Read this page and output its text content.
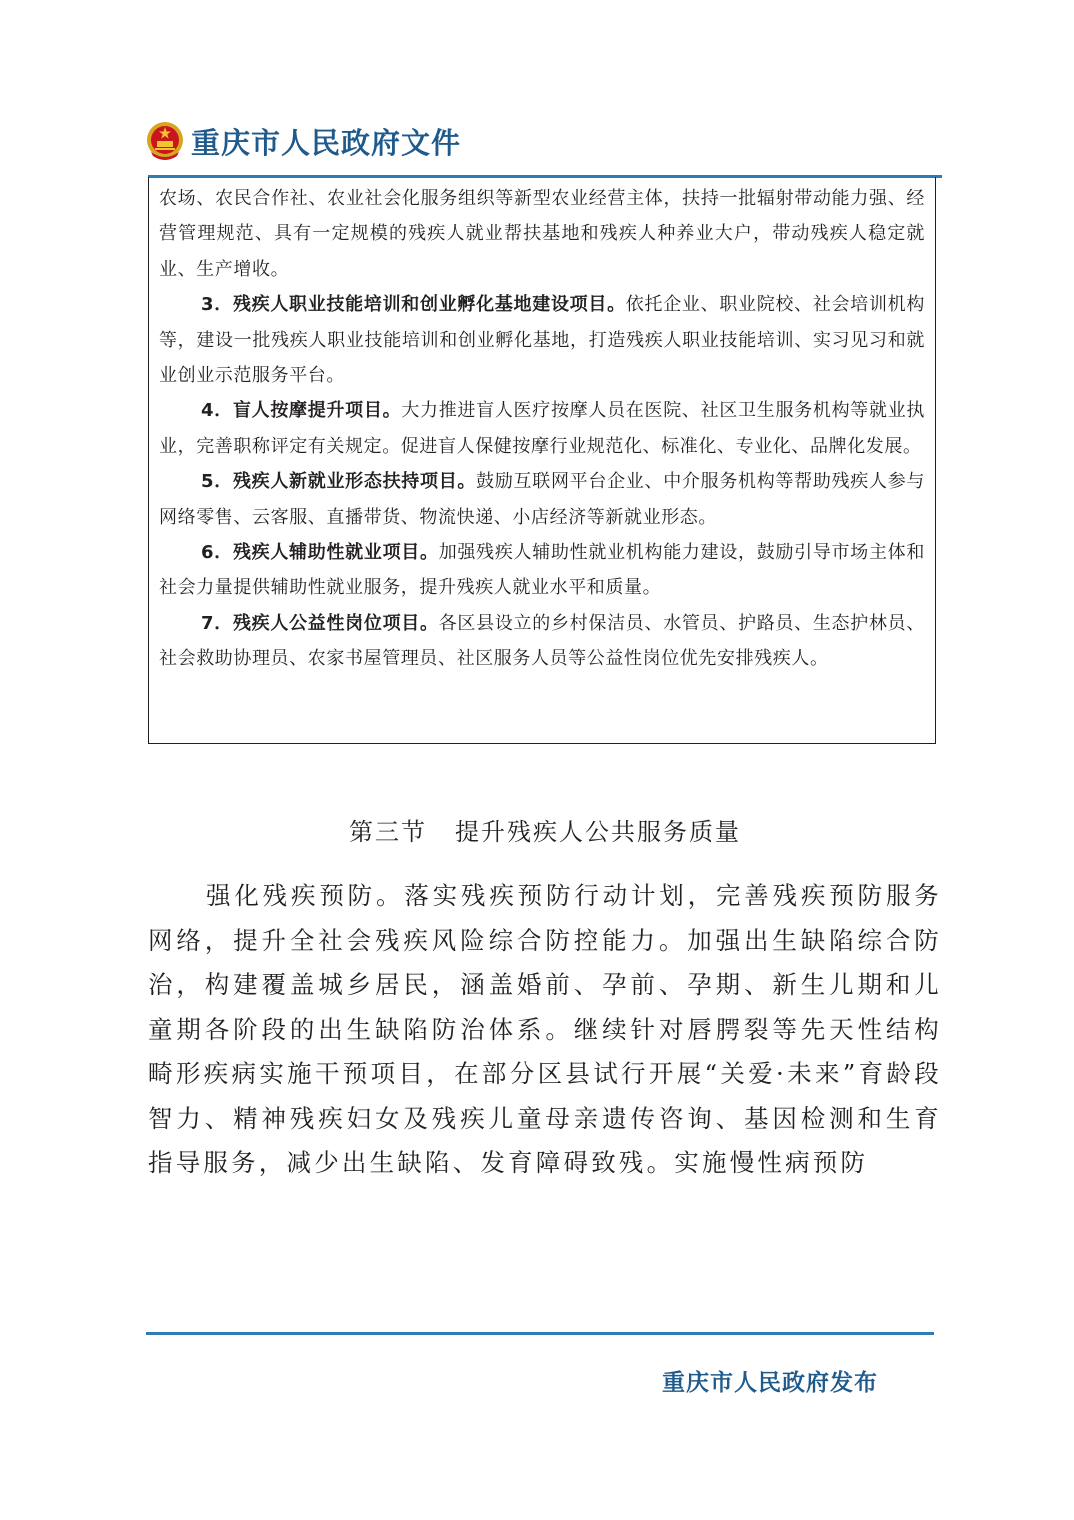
重庆市人民政府文件

农场、农民合作社、农业社会化服务组织等新型农业经营主体，扶持一批辐射带动能力强、经营管理规范、具有一定规模的残疾人就业帮扶基地和残疾人种养业大户，带动残疾人稳定就业、生产增收。

3．残疾人职业技能培训和创业孵化基地建设项目。依托企业、职业院校、社会培训机构等，建设一批残疾人职业技能培训和创业孵化基地，打造残疾人职业技能培训、实习见习和就业创业示范服务平台。

4．盲人按摩提升项目。大力推进盲人医疗按摩人员在医院、社区卫生服务机构等就业执业，完善职称评定有关规定。促进盲人保健按摩行业规范化、标准化、专业化、品牌化发展。

5．残疾人新就业形态扶持项目。鼓励互联网平台企业、中介服务机构等帮助残疾人参与网络零售、云客服、直播带货、物流快递、小店经济等新就业形态。

6．残疾人辅助性就业项目。加强残疾人辅助性就业机构能力建设，鼓励引导市场主体和社会力量提供辅助性就业服务，提升残疾人就业水平和质量。

7．残疾人公益性岗位项目。各区县设立的乡村保洁员、水管员、护路员、生态护林员、社会救助协理员、农家书屋管理员、社区服务人员等公益性岗位优先安排残疾人。

第三节 提升残疾人公共服务质量

强化残疾预防。落实残疾预防行动计划，完善残疾预防服务网络，提升全社会残疾风险综合防控能力。加强出生缺陷综合防治，构建覆盖城乡居民，涵盖婚前、孕前、孕期、新生儿期和儿童期各阶段的出生缺陷防治体系。继续针对唇腭裂等先天性结构畸形疾病实施干预项目，在部分区县试行开展“关爱·未来”育龄段智力、精神残疾妇女及残疾儿童母亲遗传咨询、基因检测和生育指导服务，减少出生缺陷、发育障碍致残。实施慢性病预防

重庆市人民政府发布
